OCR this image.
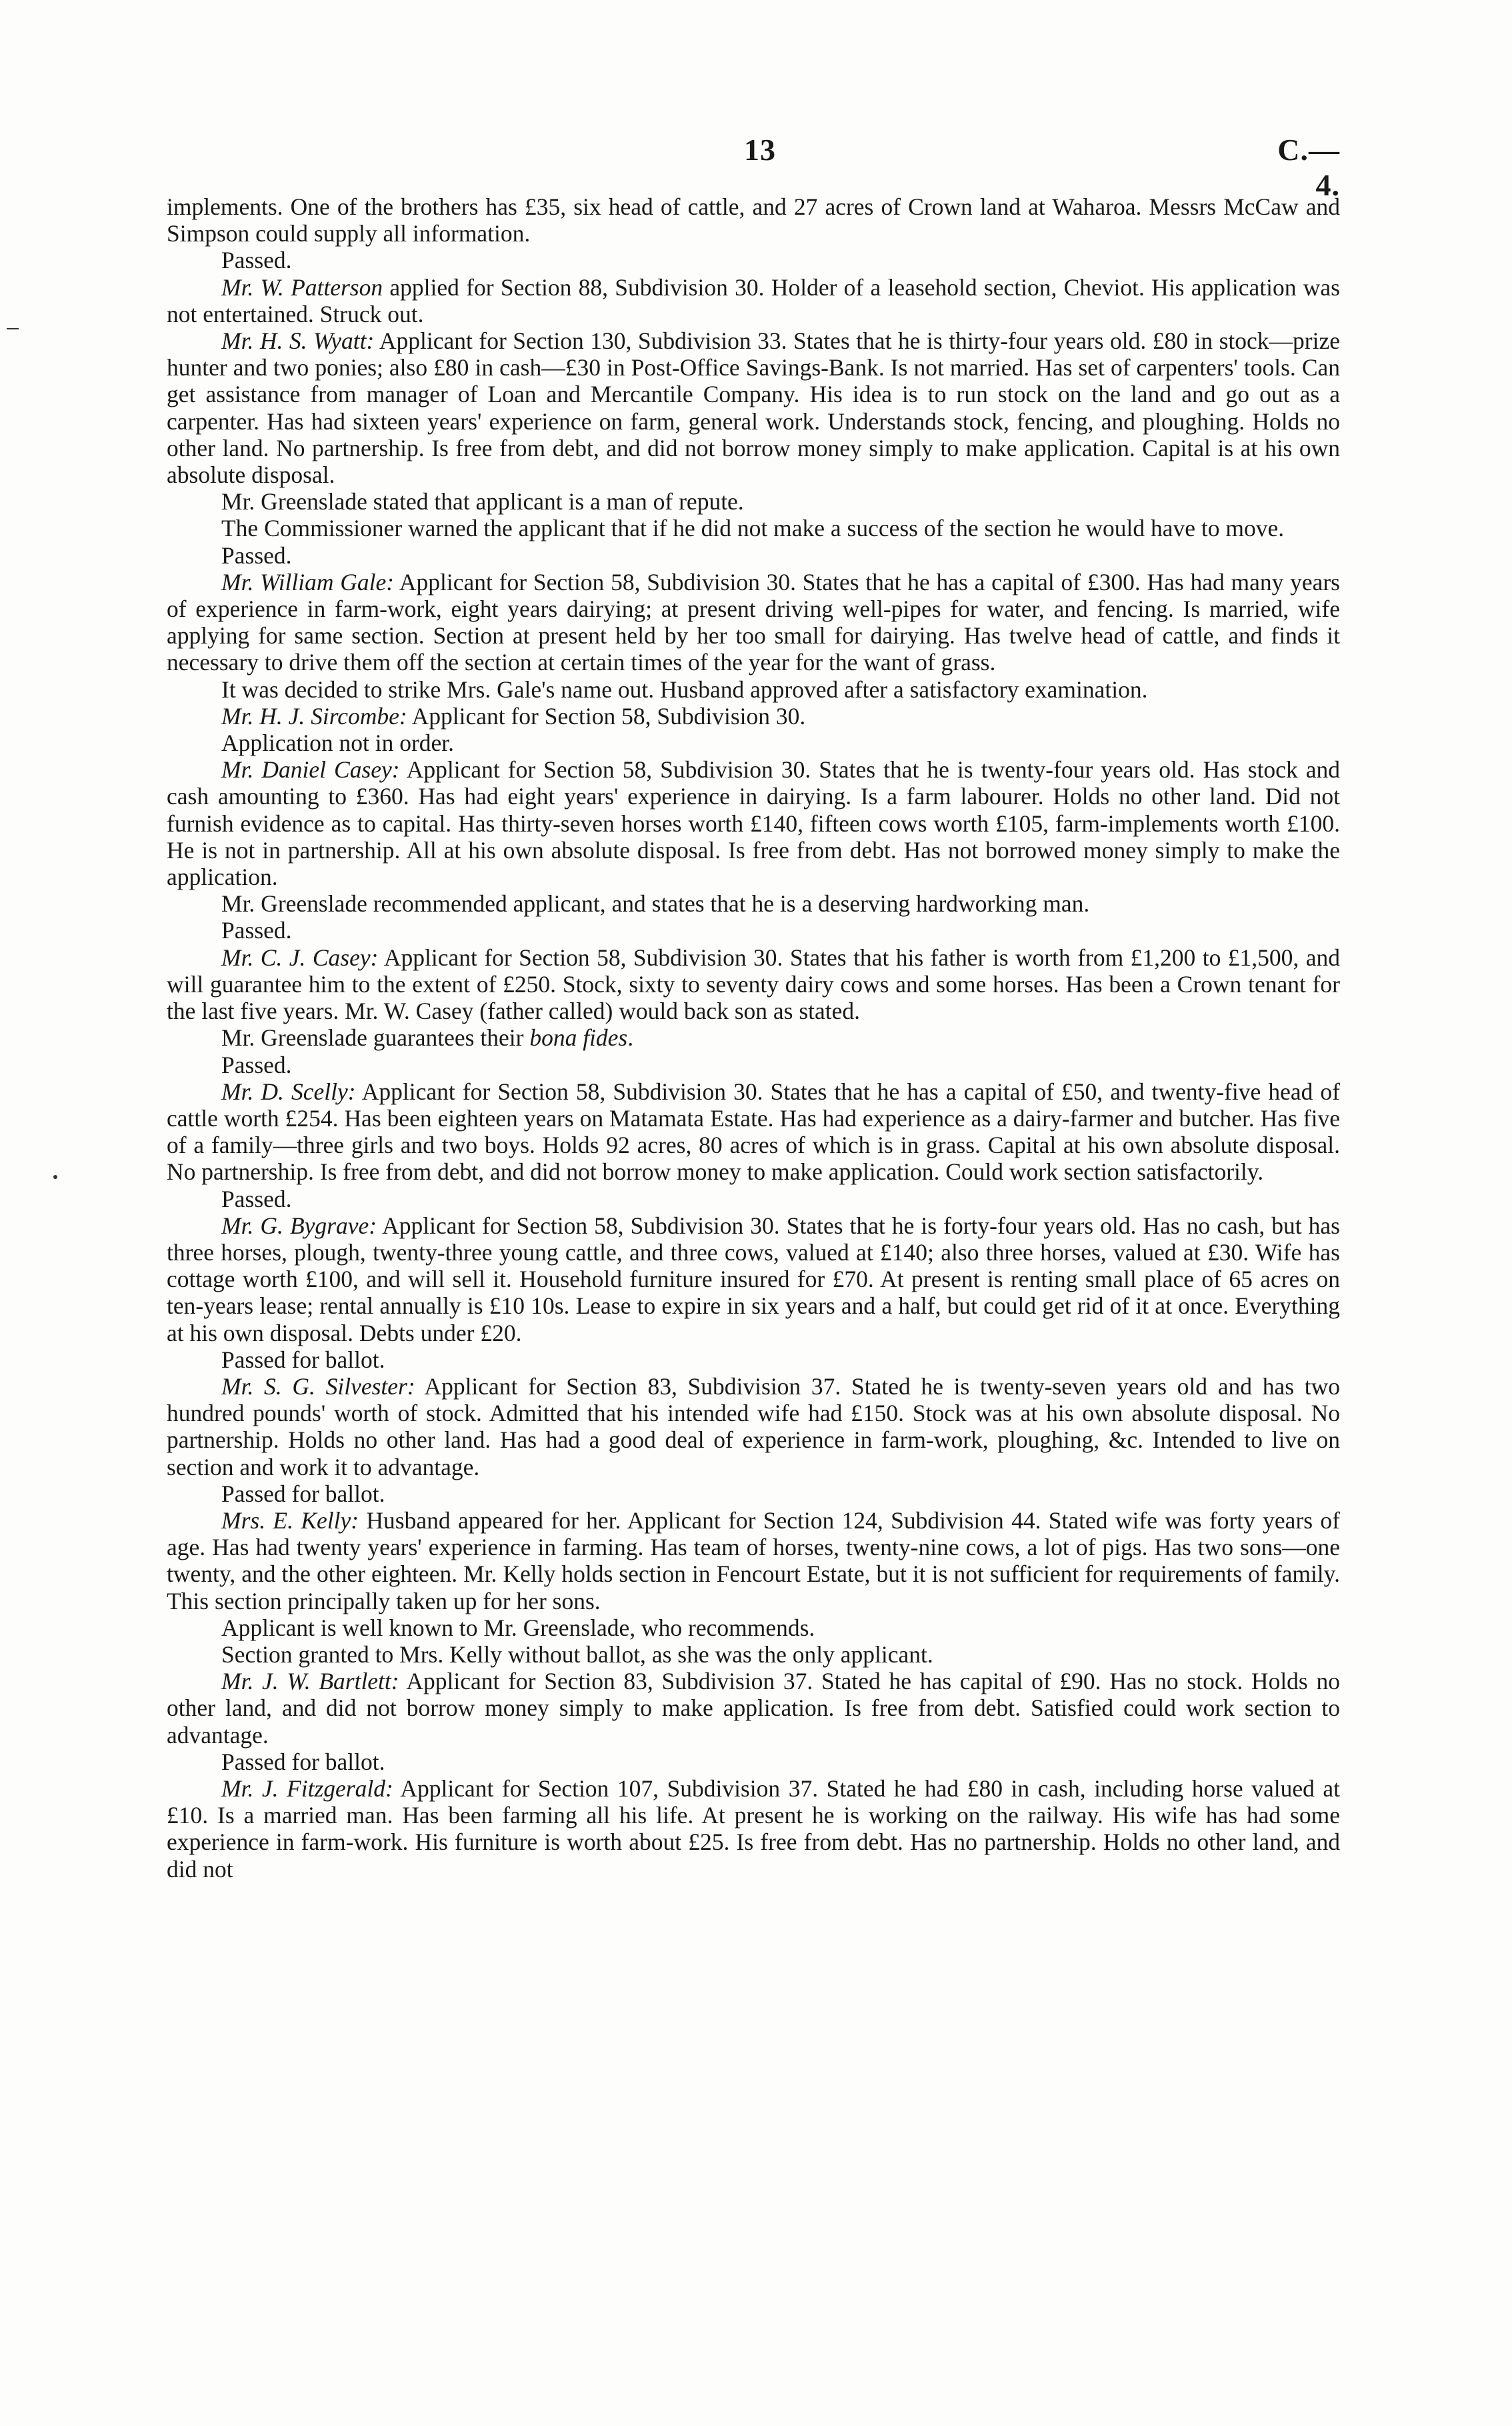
13	C.—4.

implements. One of the brothers has £35, six head of cattle, and 27 acres of Crown land at Waharoa. Messrs McCaw and Simpson could supply all information.

Passed.

Mr. W. Patterson applied for Section 88, Subdivision 30. Holder of a leasehold section, Cheviot. His application was not entertained. Struck out.

Mr. H. S. Wyatt: Applicant for Section 130, Subdivision 33. States that he is thirty-four years old. £80 in stock—prize hunter and two ponies; also £80 in cash—£30 in Post-Office Savings-Bank. Is not married. Has set of carpenters' tools. Can get assistance from manager of Loan and Mercantile Company. His idea is to run stock on the land and go out as a carpenter. Has had sixteen years' experience on farm, general work. Understands stock, fencing, and ploughing. Holds no other land. No partnership. Is free from debt, and did not borrow money simply to make application. Capital is at his own absolute disposal.

Mr. Greenslade stated that applicant is a man of repute.

The Commissioner warned the applicant that if he did not make a success of the section he would have to move.

Passed.

Mr. William Gale: Applicant for Section 58, Subdivision 30. States that he has a capital of £300. Has had many years of experience in farm-work, eight years dairying; at present driving well-pipes for water, and fencing. Is married, wife applying for same section. Section at present held by her too small for dairying. Has twelve head of cattle, and finds it necessary to drive them off the section at certain times of the year for the want of grass.

It was decided to strike Mrs. Gale's name out. Husband approved after a satisfactory examination.

Mr. H. J. Sircombe: Applicant for Section 58, Subdivision 30.

Application not in order.

Mr. Daniel Casey: Applicant for Section 58, Subdivision 30. States that he is twenty-four years old. Has stock and cash amounting to £360. Has had eight years' experience in dairying. Is a farm labourer. Holds no other land. Did not furnish evidence as to capital. Has thirty-seven horses worth £140, fifteen cows worth £105, farm-implements worth £100. He is not in partnership. All at his own absolute disposal. Is free from debt. Has not borrowed money simply to make the application.

Mr. Greenslade recommended applicant, and states that he is a deserving hardworking man.

Passed.

Mr. C. J. Casey: Applicant for Section 58, Subdivision 30. States that his father is worth from £1,200 to £1,500, and will guarantee him to the extent of £250. Stock, sixty to seventy dairy cows and some horses. Has been a Crown tenant for the last five years. Mr. W. Casey (father called) would back son as stated.

Mr. Greenslade guarantees their bona fides.

Passed.

Mr. D. Scelly: Applicant for Section 58, Subdivision 30. States that he has a capital of £50, and twenty-five head of cattle worth £254. Has been eighteen years on Matamata Estate. Has had experience as a dairy-farmer and butcher. Has five of a family—three girls and two boys. Holds 92 acres, 80 acres of which is in grass. Capital at his own absolute disposal. No partnership. Is free from debt, and did not borrow money to make application. Could work section satisfactorily.

Passed.

Mr. G. Bygrave: Applicant for Section 58, Subdivision 30. States that he is forty-four years old. Has no cash, but has three horses, plough, twenty-three young cattle, and three cows, valued at £140; also three horses, valued at £30. Wife has cottage worth £100, and will sell it. Household furniture insured for £70. At present is renting small place of 65 acres on ten-years lease; rental annually is £10 10s. Lease to expire in six years and a half, but could get rid of it at once. Everything at his own disposal. Debts under £20.

Passed for ballot.

Mr. S. G. Silvester: Applicant for Section 83, Subdivision 37. Stated he is twenty-seven years old and has two hundred pounds' worth of stock. Admitted that his intended wife had £150. Stock was at his own absolute disposal. No partnership. Holds no other land. Has had a good deal of experience in farm-work, ploughing, &c. Intended to live on section and work it to advantage.

Passed for ballot.

Mrs. E. Kelly: Husband appeared for her. Applicant for Section 124, Subdivision 44. Stated wife was forty years of age. Has had twenty years' experience in farming. Has team of horses, twenty-nine cows, a lot of pigs. Has two sons—one twenty, and the other eighteen. Mr. Kelly holds section in Fencourt Estate, but it is not sufficient for requirements of family. This section principally taken up for her sons.

Applicant is well known to Mr. Greenslade, who recommends.

Section granted to Mrs. Kelly without ballot, as she was the only applicant.

Mr. J. W. Bartlett: Applicant for Section 83, Subdivision 37. Stated he has capital of £90. Has no stock. Holds no other land, and did not borrow money simply to make application. Is free from debt. Satisfied could work section to advantage.

Passed for ballot.

Mr. J. Fitzgerald: Applicant for Section 107, Subdivision 37. Stated he had £80 in cash, including horse valued at £10. Is a married man. Has been farming all his life. At present he is working on the railway. His wife has had some experience in farm-work. His furniture is worth about £25. Is free from debt. Has no partnership. Holds no other land, and did not
